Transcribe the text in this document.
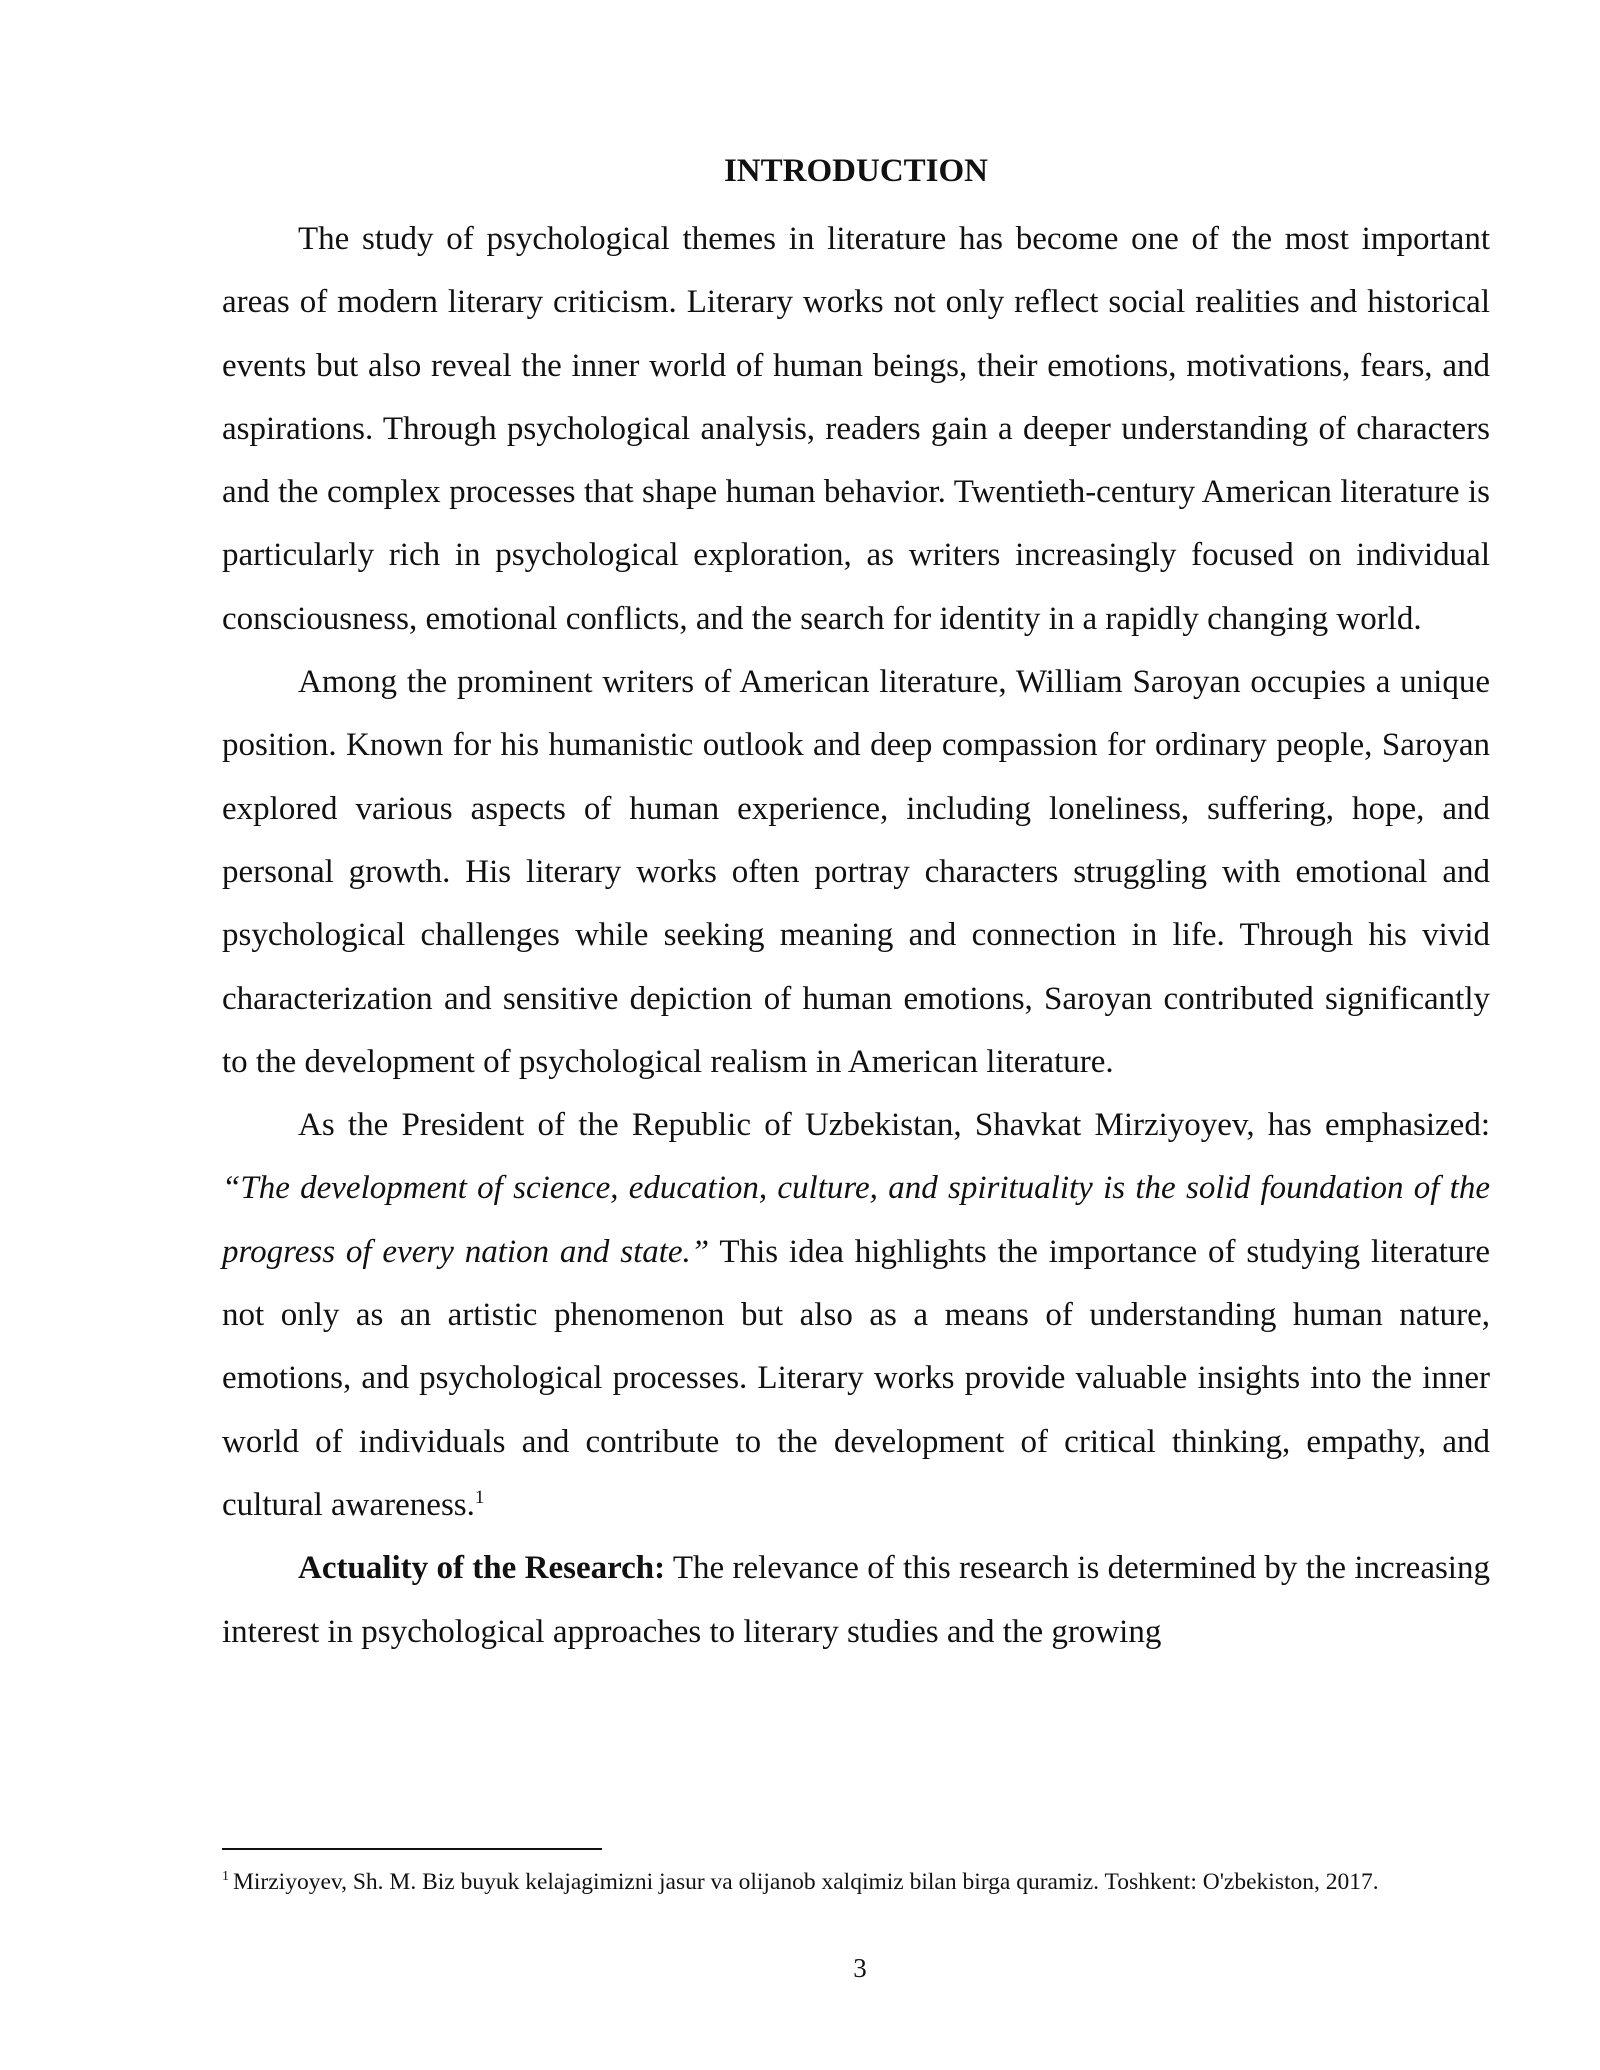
INTRODUCTION

The study of psychological themes in literature has become one of the most important areas of modern literary criticism. Literary works not only reflect social realities and historical events but also reveal the inner world of human beings, their emotions, motivations, fears, and aspirations. Through psychological analysis, readers gain a deeper understanding of characters and the complex processes that shape human behavior. Twentieth-century American literature is particularly rich in psychological exploration, as writers increasingly focused on individual consciousness, emotional conflicts, and the search for identity in a rapidly changing world.

Among the prominent writers of American literature, William Saroyan occupies a unique position. Known for his humanistic outlook and deep compassion for ordinary people, Saroyan explored various aspects of human experience, including loneliness, suffering, hope, and personal growth. His literary works often portray characters struggling with emotional and psychological challenges while seeking meaning and connection in life. Through his vivid characterization and sensitive depiction of human emotions, Saroyan contributed significantly to the development of psychological realism in American literature.

As the President of the Republic of Uzbekistan, Shavkat Mirziyoyev, has emphasized: “The development of science, education, culture, and spirituality is the solid foundation of the progress of every nation and state.” This idea highlights the importance of studying literature not only as an artistic phenomenon but also as a means of understanding human nature, emotions, and psychological processes. Literary works provide valuable insights into the inner world of individuals and contribute to the development of critical thinking, empathy, and cultural awareness.$^1$

Actuality of the Research: The relevance of this research is determined by the increasing interest in psychological approaches to literary studies and the growing

$^1$ Mirziyoyev, Sh. M. Biz buyuk kelajagimizni jasur va olijanob xalqimiz bilan birga quramiz. Toshkent: O'zbekiston, 2017.

3
